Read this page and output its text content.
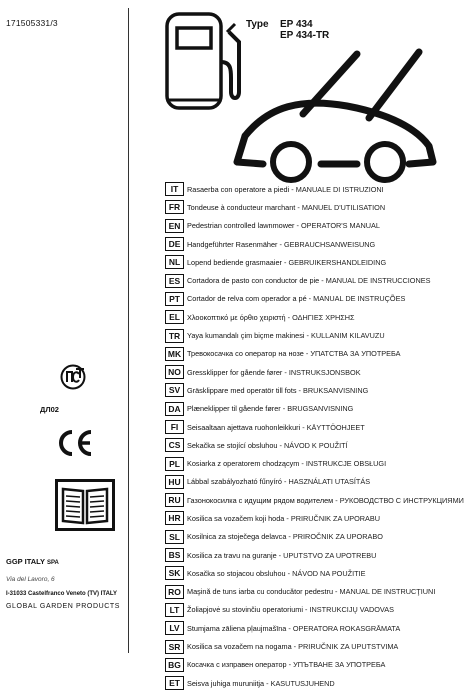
171505331/3	Type EP 434
EP 434-TR
IT	Rasaerba con operatore a piedi - MANUALE DI ISTRUZIONI
FR Tondeuse à conducteur marchant - MANUEL D'UTILISATION
EN Pedestrian controlled lawnmower - OPERATOR'S MANUAL
DE Handgeführter Rasenmäher - GEBRAUCHSANWEISUNG
NL Lopend bediende grasmaaier - GEBRUIKERSHANDLEIDING
ES Cortadora de pasto con conductor de pie - MANUAL DE INSTRUCCIONES
PT Cortador de relva com operador a pé - MANUAL DE INSTRUÇÕES
EL Χλοοκοπτικό με όρθιο χειριστή - ΟΔΗΓΙΕΣ ΧΡΗΣΗΣ
TR Yaya kumandalı çim biçme makinesi - KULLANIM KILAVUZU
MK Тревокосачка со оператор на нозе - УПАТСТВА ЗА УПОТРЕБА
NO Gressklipper for gående fører - INSTRUKSJONSBOK
SV Gräsklippare med operatör till fots - BRUKSANVISNING
DA Plæneklipper til gående fører - BRUGSANVISNING
FI	Seisaaltaan ajettava ruohonleikkuri - KÄYTTÖOHJEET
CS Sekačka se stojící obsluhou - NÁVOD K POUŽITÍ
PL Kosiarka z operatorem chodzącym - INSTRUKCJE OBSŁUGI
HU Lábbal szabályozható fűnyíró - HASZNÁLATI UTASÍTÁS
RU Газонокосилка с идущим рядом водителем - РУКОВОДСТВО С ИНСТРУКЦИЯМИ
HR Kosilica sa vozačem koji hoda - PRIRUČNIK ZA UPORABU
SL Kosilnica za stoječega delavca - PRIROČNIK ZA UPORABO
BS Kosilica za travu na guranje - UPUTSTVO ZA UPOTREBU
SK Kosačka so stojacou obsluhou - NÁVOD NA POUŽITIE
RO Maşină de tuns iarba cu conducător pedestru - MANUAL DE INSTRUCŢIUNI
LT	Žoliapjovė su stovinčiu operatoriumi - INSTRUKCIJŲ VADOVAS
LV	Stumjama zāliena pļaujmašīna - OPERATORA ROKASGRĀMATA
SR Kosilica sa vozačem na nogama - PRIRUČNIK ZA UPUTSTVIMA
BG Косачка с изправен оператор - УПЪТВАНЕ ЗА УПОТРЕБА
ET Seisva juhiga muruniitja - KASUTUSJUHEND
ДЛ02
GGP ITALY SPA
Via del Lavoro, 6
I-31033 Castelfranco Veneto (TV) ITALY
GLOBAL GARDEN PRODUCTS
